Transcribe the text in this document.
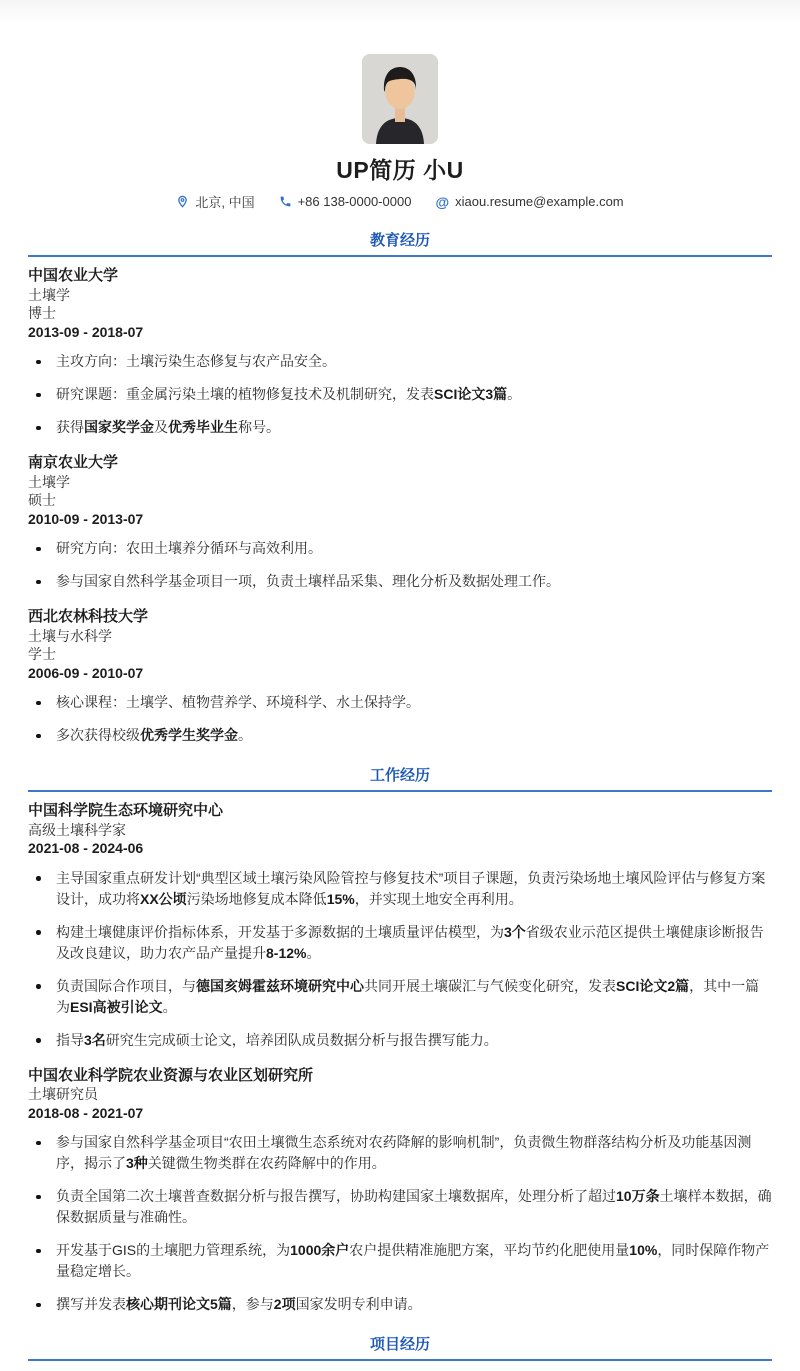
UP简历 小U
北京, 中国	+86 138-0000-0000 @ xiaou.resume@example.com
教育经历
中国农业大学
土壤学
博士
2013-09 - 2018-07
主攻方向：土壤污染生态修复与农产品安全。
研究课题：重金属污染土壤的植物修复技术及机制研究，发表SCI论文3篇。
获得国家奖学金及优秀毕业生称号。
南京农业大学
土壤学
硕士
2010-09 - 2013-07
研究方向：农田土壤养分循环与高效利用。
参与国家自然科学基金项目一项，负责土壤样品采集、理化分析及数据处理工作。
西北农林科技大学
土壤与水科学
学士
2006-09 - 2010-07
核心课程：土壤学、植物营养学、环境科学、水土保持学。
多次获得校级优秀学生奖学金。
工作经历
中国科学院生态环境研究中心
高级土壤科学家
2021-08 - 2024-06
主导国家重点研发计划“典型区域土壤污染风险管控与修复技术”项目子课题，负责污染场地土壤风险评估与修复方案设计，成功将XX公顷污染场地修复成本降低15%，并实现土地安全再利用。
构建土壤健康评价指标体系，开发基于多源数据的土壤质量评估模型，为3个省级农业示范区提供土壤健康诊断报告及改良建议，助力农产品产量提升8-12%。
负责国际合作项目，与德国亥姆霍兹环境研究中心共同开展土壤碳汇与气候变化研究，发表SCI论文2篇，其中一篇为ESI高被引论文。
指导3名研究生完成硕士论文，培养团队成员数据分析与报告撰写能力。
中国农业科学院农业资源与农业区划研究所
土壤研究员
2018-08 - 2021-07
参与国家自然科学基金项目“农田土壤微生态系统对农药降解的影响机制”，负责微生物群落结构分析及功能基因测序，揭示了3种关键微生物类群在农药降解中的作用。
负责全国第二次土壤普查数据分析与报告撰写，协助构建国家土壤数据库，处理分析了超过10万条土壤样本数据，确保数据质量与准确性。
开发基于GIS的土壤肥力管理系统，为1000余户农户提供精准施肥方案，平均节约化肥使用量10%，同时保障作物产量稳定增长。
撰写并发表核心期刊论文5篇，参与2项国家发明专利申请。
项目经历
